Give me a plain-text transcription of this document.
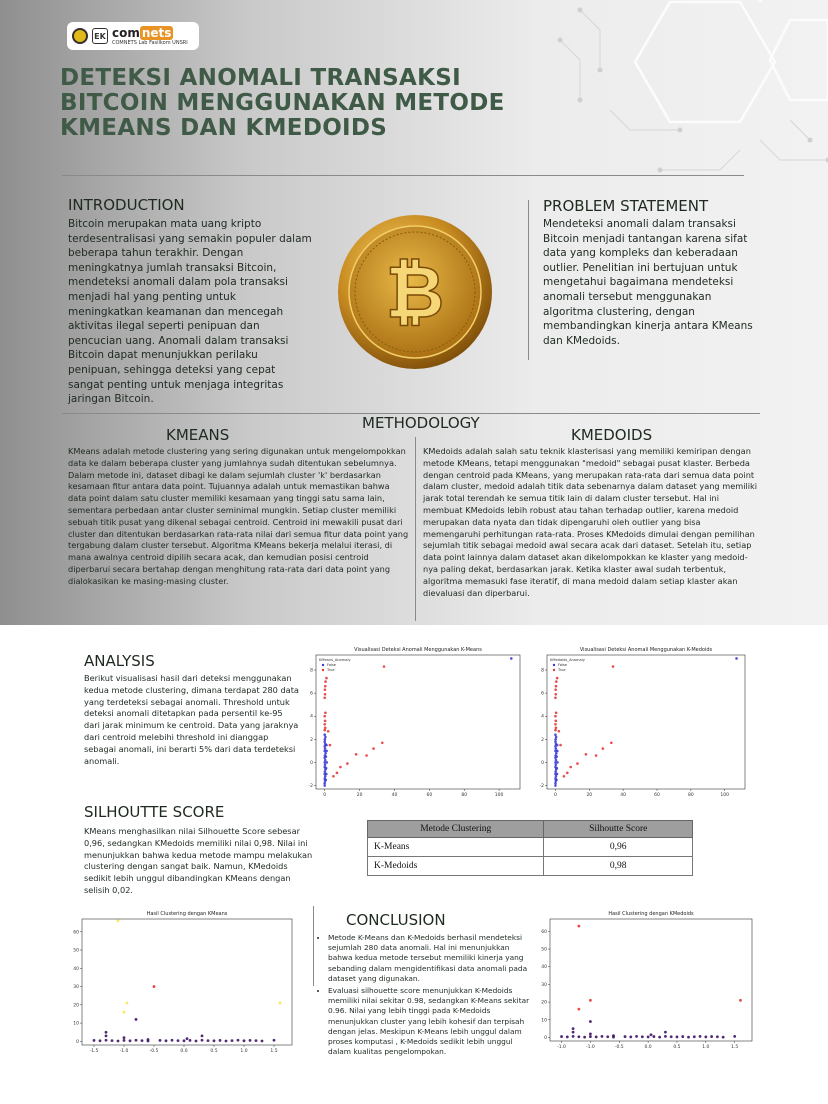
EK com nets
COMNETS Lab Fasilkom UNSRI
DETEKSI ANOMALI TRANSAKSI BITCOIN MENGGUNAKAN METODE KMEANS DAN KMEDOIDS
INTRODUCTION
Bitcoin merupakan mata uang kripto terdesentralisasi yang semakin populer dalam beberapa tahun terakhir. Dengan meningkatnya jumlah transaksi Bitcoin, mendeteksi anomali dalam pola transaksi menjadi hal yang penting untuk meningkatkan keamanan dan mencegah aktivitas ilegal seperti penipuan dan pencucian uang. Anomali dalam transaksi Bitcoin dapat menunjukkan perilaku penipuan, sehingga deteksi yang cepat sangat penting untuk menjaga integritas jaringan Bitcoin.
₿
PROBLEM STATEMENT
Mendeteksi anomali dalam transaksi Bitcoin menjadi tantangan karena sifat data yang kompleks dan keberadaan outlier. Penelitian ini bertujuan untuk mengetahui bagaimana mendeteksi anomali tersebut menggunakan algoritma clustering, dengan membandingkan kinerja antara KMeans dan KMedoids.
METHODOLOGY
KMEANS	KMEDOIDS
KMeans adalah metode clustering yang sering digunakan untuk mengelompokkan data ke dalam beberapa cluster yang jumlahnya sudah ditentukan sebelumnya. Dalam metode ini, dataset dibagi ke dalam sejumlah cluster 'k' berdasarkan kesamaan fitur antara data point. Tujuannya adalah untuk memastikan bahwa data point dalam satu cluster memiliki kesamaan yang tinggi satu sama lain, sementara perbedaan antar cluster seminimal mungkin. Setiap cluster memiliki sebuah titik pusat yang dikenal sebagai centroid. Centroid ini mewakili pusat dari cluster dan ditentukan berdasarkan rata-rata nilai dari semua fitur data point yang tergabung dalam cluster tersebut. Algoritma KMeans bekerja melalui iterasi, di mana awalnya centroid dipilih secara acak, dan kemudian posisi centroid diperbarui secara bertahap dengan menghitung rata-rata dari data point yang dialokasikan ke masing-masing cluster.
KMedoids adalah salah satu teknik klasterisasi yang memiliki kemiripan dengan metode KMeans, tetapi menggunakan "medoid" sebagai pusat klaster. Berbeda dengan centroid pada KMeans, yang merupakan rata-rata dari semua data point dalam cluster, medoid adalah titik data sebenarnya dalam dataset yang memiliki jarak total terendah ke semua titik lain di dalam cluster tersebut. Hal ini membuat KMedoids lebih robust atau tahan terhadap outlier, karena medoid merupakan data nyata dan tidak dipengaruhi oleh outlier yang bisa memengaruhi perhitungan rata-rata. Proses KMedoids dimulai dengan pemilihan sejumlah titik sebagai medoid awal secara acak dari dataset. Setelah itu, setiap data point lainnya dalam dataset akan dikelompokkan ke klaster yang medoid-nya paling dekat, berdasarkan jarak. Ketika klaster awal sudah terbentuk, algoritma memasuki fase iteratif, di mana medoid dalam setiap klaster akan dievaluasi dan diperbarui.
ANALYSIS
Berikut visualisasi hasil dari deteksi menggunakan kedua metode clustering, dimana terdapat 280 data yang terdeteksi sebagai anomali. Threshold untuk deteksi anomali ditetapkan pada persentil ke-95 dari jarak minimum ke centroid. Data yang jaraknya dari centroid melebihi threshold ini dianggap sebagai anomali, ini berarti 5% dari data terdeteksi anomali.
Visualisasi Deteksi Anomali Menggunakan K-Means
0	20	40	60	80	100
-2
0
2
4
6
8
KMeans_Anomaly
False
True
Visualisasi Deteksi Anomali Menggunakan K-Medoids
0	20	40	60	80	100
-2
0
2
4
6
8
KMedoids_Anomaly
False
True
SILHOUTTE SCORE
KMeans menghasilkan nilai Silhouette Score sebesar 0,96, sedangkan KMedoids memiliki nilai 0,98. Nilai ini menunjukkan bahwa kedua metode mampu melakukan clustering dengan sangat baik. Namun, KMedoids sedikit lebih unggul dibandingkan KMeans dengan selisih 0,02.
Metode Clustering	Silhoutte Score
K-Means	0,96
K-Medoids	0,98
Hasil Clustering dengan KMeans
-1.5	-1.0	-0.5	0.0	0.5	1.0	1.5
0
10
20
30
40
50
60
Hasil Clustering dengan KMedoids
-1.0	-1.0	-0.5	0.0	0.5	1.0	1.5
0
10
20
30
40
50
60
CONCLUSION
• Metode K-Means dan K-Medoids berhasil mendeteksi sejumlah 280 data anomali. Hal ini menunjukkan bahwa kedua metode tersebut memiliki kinerja yang sebanding dalam mengidentifikasi data anomali pada dataset yang digunakan.
• Evaluasi silhouette score menunjukkan K-Medoids memiliki nilai sekitar 0.98, sedangkan K-Means sekitar 0.96. Nilai yang lebih tinggi pada K-Medoids menunjukkan cluster yang lebih kohesif dan terpisah dengan jelas. Meskipun K-Means lebih unggul dalam proses komputasi , K-Medoids sedikit lebih unggul dalam kualitas pengelompokan.
